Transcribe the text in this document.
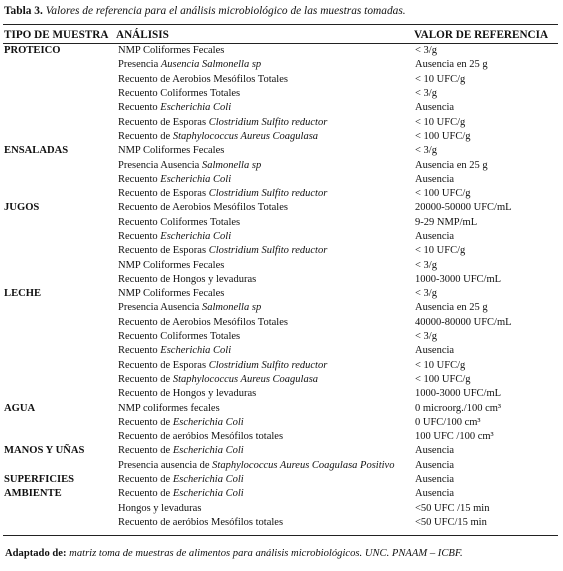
Tabla 3. Valores de referencia para el análisis microbiológico de las muestras tomadas.
TIPO DE MUESTRA	ANÁLISIS	VALOR DE REFERENCIA
PROTEICO	NMP Coliformes Fecales	< 3/g
	Presencia Ausencia Salmonella sp	Ausencia en 25 g
	Recuento de Aerobios Mesófilos Totales	< 10 UFC/g
	Recuento Coliformes Totales	< 3/g
	Recuento Escherichia Coli	Ausencia
	Recuento de Esporas Clostridium Sulfito reductor	< 10 UFC/g
	Recuento de Staphylococcus Aureus Coagulasa	< 100 UFC/g
ENSALADAS	NMP Coliformes Fecales	< 3/g
	Presencia Ausencia Salmonella sp	Ausencia en 25 g
	Recuento Escherichia Coli	Ausencia
	Recuento de Esporas Clostridium Sulfito reductor	< 100 UFC/g
JUGOS	Recuento de Aerobios Mesófilos Totales	20000-50000 UFC/mL
	Recuento Coliformes Totales	9-29 NMP/mL
	Recuento Escherichia Coli	Ausencia
	Recuento de Esporas Clostridium Sulfito reductor	< 10 UFC/g
	NMP Coliformes Fecales	< 3/g
	Recuento de Hongos y levaduras	1000-3000 UFC/mL
LECHE	NMP Coliformes Fecales	< 3/g
	Presencia Ausencia Salmonella sp	Ausencia en 25 g
	Recuento de Aerobios Mesófilos Totales	40000-80000 UFC/mL
	Recuento Coliformes Totales	< 3/g
	Recuento Escherichia Coli	Ausencia
	Recuento de Esporas Clostridium Sulfito reductor	< 10 UFC/g
	Recuento de Staphylococcus Aureus Coagulasa	< 100 UFC/g
	Recuento de Hongos y levaduras	1000-3000 UFC/mL
AGUA	NMP coliformes fecales	0 microorg./100 cm³
	Recuento de Escherichia Coli	0 UFC/100 cm³
	Recuento de aeróbios Mesófilos totales	100 UFC /100 cm³
MANOS Y UÑAS	Recuento de Escherichia Coli	Ausencia
	Presencia ausencia de Staphylococcus Aureus Coagulasa Positivo	Ausencia
SUPERFICIES	Recuento de Escherichia Coli	Ausencia
AMBIENTE	Recuento de Escherichia Coli	Ausencia
	Hongos y levaduras	<50 UFC /15 min
	Recuento de aeróbios Mesófilos totales	<50 UFC/15 min
Adaptado de: matriz toma de muestras de alimentos para análisis microbiológicos. UNC. PNAAM – ICBF.
